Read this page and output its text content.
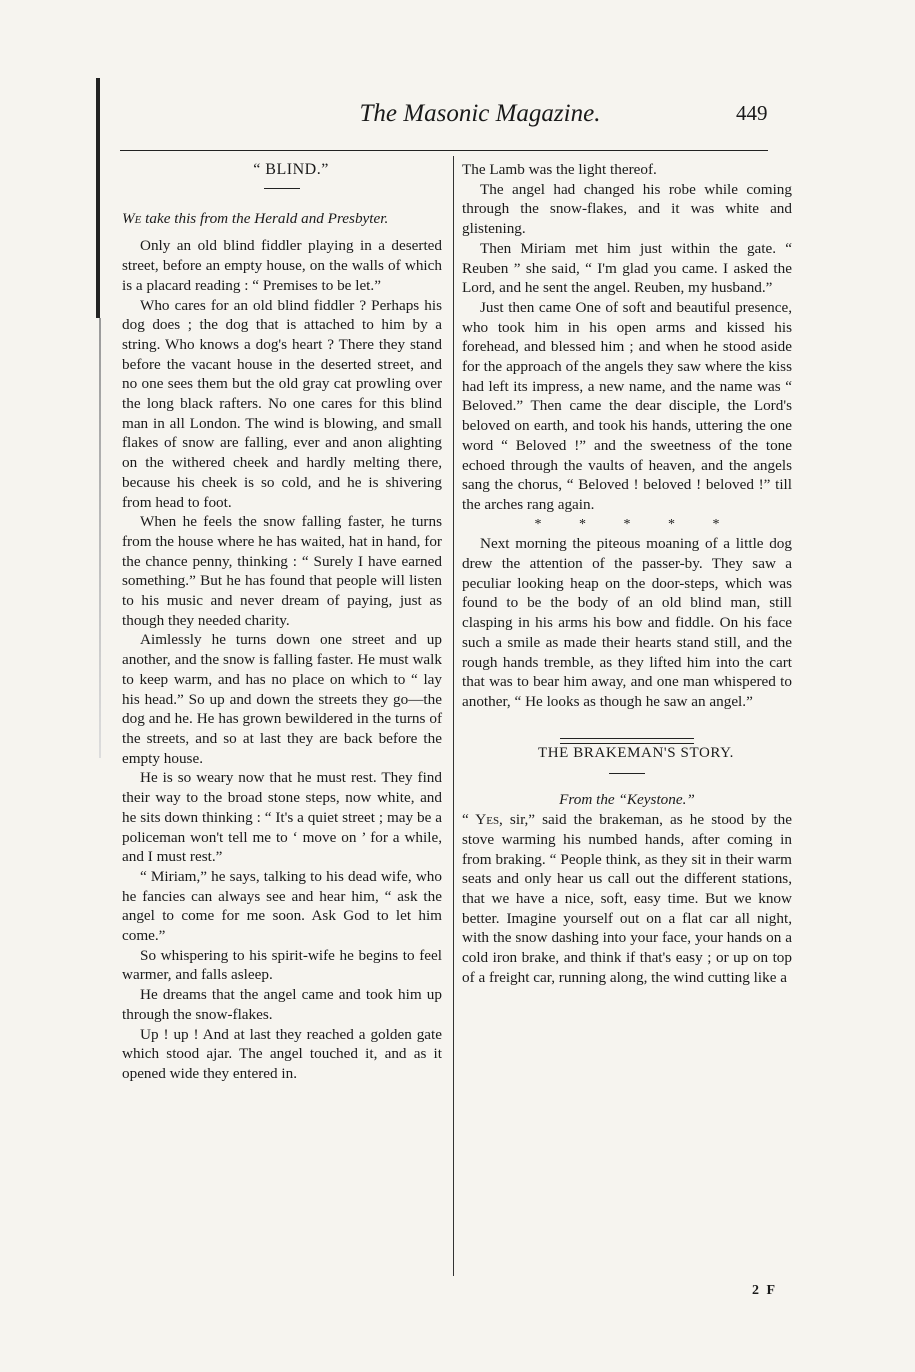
The Masonic Magazine.	449

“ BLIND.”

We take this from the Herald and Presbyter.

Only an old blind fiddler playing in a deserted street, before an empty house, on the walls of which is a placard reading : “ Premises to be let.”

Who cares for an old blind fiddler ? Perhaps his dog does ; the dog that is attached to him by a string. Who knows a dog's heart ? There they stand before the vacant house in the deserted street, and no one sees them but the old gray cat prowling over the long black rafters. No one cares for this blind man in all London. The wind is blowing, and small flakes of snow are falling, ever and anon alighting on the withered cheek and hardly melting there, because his cheek is so cold, and he is shivering from head to foot.

When he feels the snow falling faster, he turns from the house where he has waited, hat in hand, for the chance penny, thinking : “ Surely I have earned something.” But he has found that people will listen to his music and never dream of paying, just as though they needed charity.

Aimlessly he turns down one street and up another, and the snow is falling faster. He must walk to keep warm, and has no place on which to “ lay his head.” So up and down the streets they go—the dog and he. He has grown bewildered in the turns of the streets, and so at last they are back before the empty house.

He is so weary now that he must rest. They find their way to the broad stone steps, now white, and he sits down thinking : “ It's a quiet street ; may be a policeman won't tell me to ‘ move on ’ for a while, and I must rest.”

“ Miriam,” he says, talking to his dead wife, who he fancies can always see and hear him, “ ask the angel to come for me soon. Ask God to let him come.”

So whispering to his spirit-wife he begins to feel warmer, and falls asleep.

He dreams that the angel came and took him up through the snow-flakes.

Up ! up ! And at last they reached a golden gate which stood ajar. The angel touched it, and as it opened wide they entered in.

The Lamb was the light thereof.

The angel had changed his robe while coming through the snow-flakes, and it was white and glistening.

Then Miriam met him just within the gate. “ Reuben ” she said, “ I'm glad you came. I asked the Lord, and he sent the angel. Reuben, my husband.”

Just then came One of soft and beautiful presence, who took him in his open arms and kissed his forehead, and blessed him ; and when he stood aside for the approach of the angels they saw where the kiss had left its impress, a new name, and the name was “ Beloved.” Then came the dear disciple, the Lord's beloved on earth, and took his hands, uttering the one word “ Beloved !” and the sweetness of the tone echoed through the vaults of heaven, and the angels sang the chorus, “ Beloved ! beloved ! beloved !” till the arches rang again.

* * * * *

Next morning the piteous moaning of a little dog drew the attention of the passer-by. They saw a peculiar looking heap on the door-steps, which was found to be the body of an old blind man, still clasping in his arms his bow and fiddle. On his face such a smile as made their hearts stand still, and the rough hands tremble, as they lifted him into the cart that was to bear him away, and one man whispered to another, “ He looks as though he saw an angel.”

THE BRAKEMAN'S STORY.

From the “Keystone.”

“ Yes, sir,” said the brakeman, as he stood by the stove warming his numbed hands, after coming in from braking. “ People think, as they sit in their warm seats and only hear us call out the different stations, that we have a nice, soft, easy time. But we know better. Imagine yourself out on a flat car all night, with the snow dashing into your face, your hands on a cold iron brake, and think if that's easy ; or up on top of a freight car, running along, the wind cutting like a

2 F
